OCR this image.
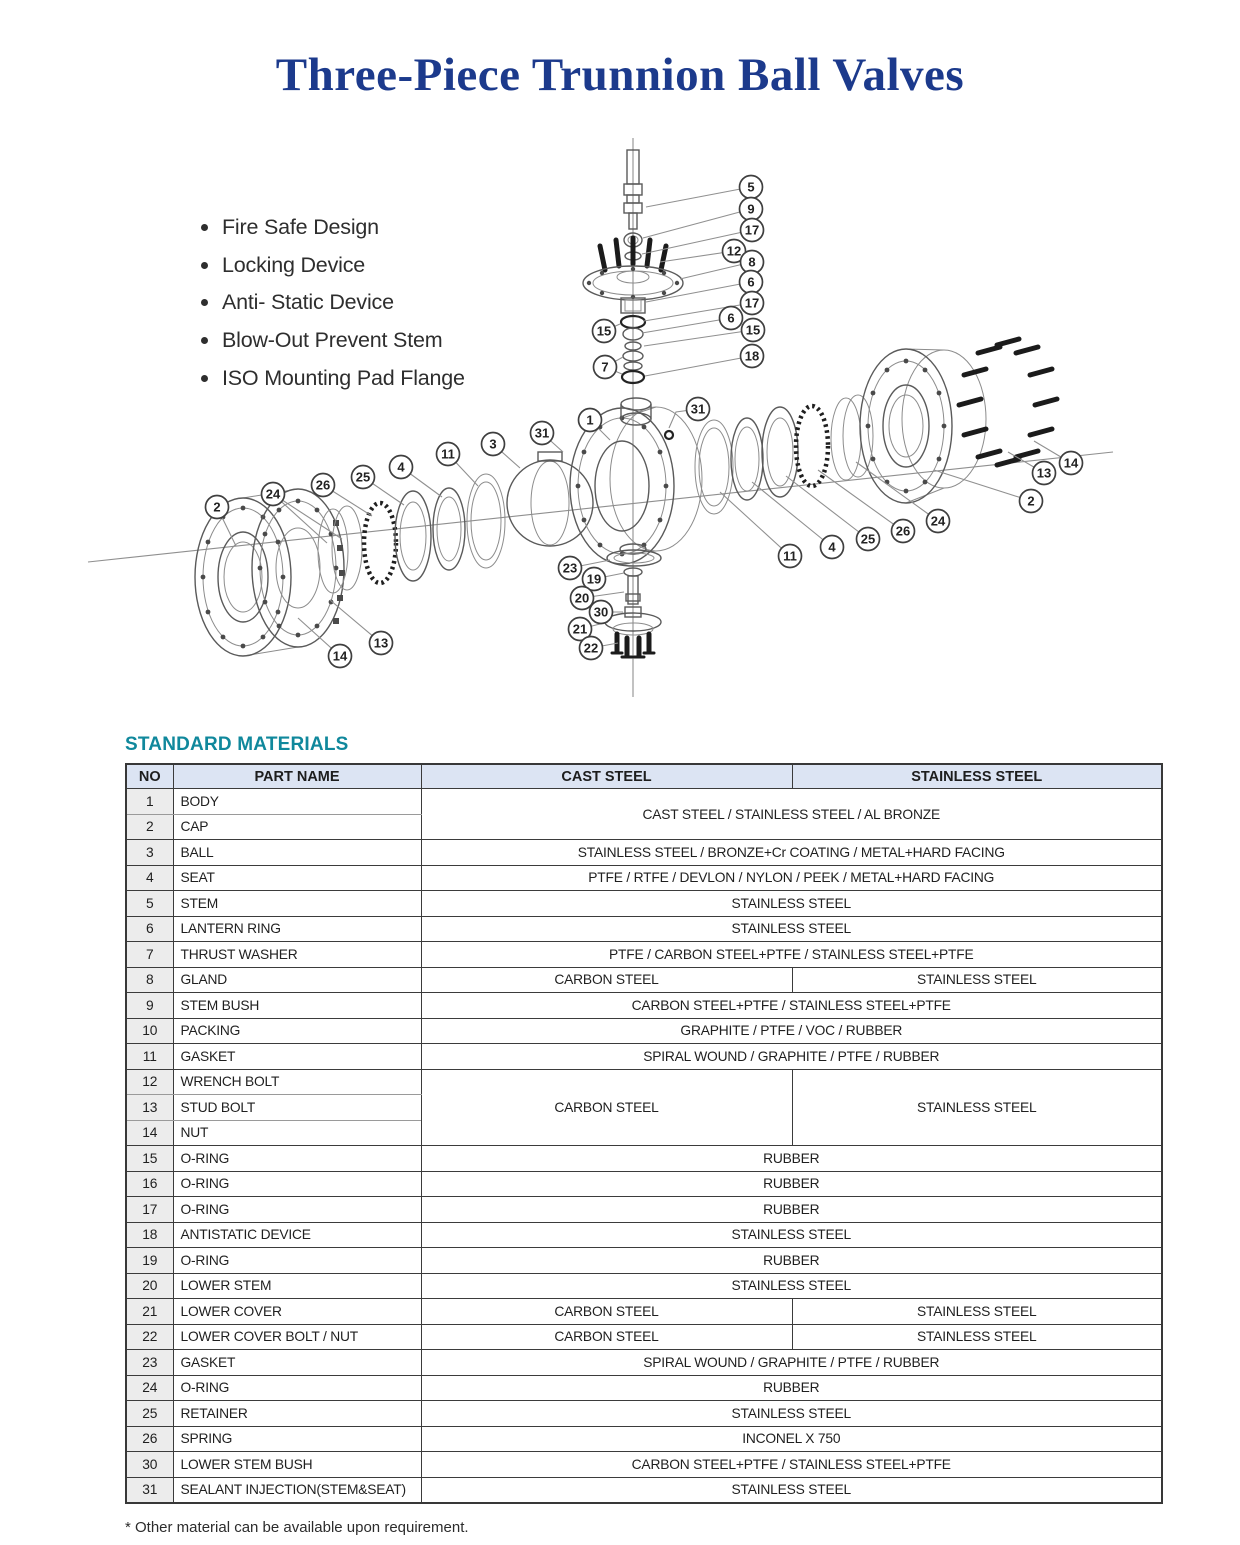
Three-Piece Trunnion Ball Valves
Fire Safe Design
Locking Device
Anti- Static Device
Blow-Out Prevent Stem
ISO Mounting Pad Flange
5
9
17
12
8
6
17
6
15
18
15
7
2
24
26
25
4
11
3
31
1
31
13
14
23
19
20
30
21
22
11
4
25
26
24
2
13
14
STANDARD MATERIALS
NO	PART NAME	CAST STEEL	STAINLESS STEEL
1	BODY	CAST STEEL / STAINLESS STEEL / AL BRONZE	
2	CAP		
3	BALL	STAINLESS STEEL / BRONZE+Cr COATING / METAL+HARD FACING	
4	SEAT	PTFE / RTFE / DEVLON / NYLON / PEEK / METAL+HARD FACING	
5	STEM	STAINLESS STEEL	
6	LANTERN RING	STAINLESS STEEL	
7	THRUST WASHER	PTFE / CARBON STEEL+PTFE / STAINLESS STEEL+PTFE	
8	GLAND	CARBON STEEL	STAINLESS STEEL
9	STEM BUSH	CARBON STEEL+PTFE / STAINLESS STEEL+PTFE	
10	PACKING	GRAPHITE / PTFE / VOC / RUBBER	
11	GASKET	SPIRAL WOUND / GRAPHITE / PTFE / RUBBER	
12	WRENCH BOLT	CARBON STEEL	STAINLESS STEEL
13	STUD BOLT		
14	NUT		
15	O-RING	RUBBER	
16	O-RING	RUBBER	
17	O-RING	RUBBER	
18	ANTISTATIC DEVICE	STAINLESS STEEL	
19	O-RING	RUBBER	
20	LOWER STEM	STAINLESS STEEL	
21	LOWER COVER	CARBON STEEL	STAINLESS STEEL
22	LOWER COVER BOLT / NUT	CARBON STEEL	STAINLESS STEEL
23	GASKET	SPIRAL WOUND / GRAPHITE / PTFE / RUBBER	
24	O-RING	RUBBER	
25	RETAINER	STAINLESS STEEL	
26	SPRING	INCONEL X 750	
30	LOWER STEM BUSH	CARBON STEEL+PTFE / STAINLESS STEEL+PTFE	
31	SEALANT INJECTION(STEM&SEAT)	STAINLESS STEEL	

* Other material can be available upon requirement.
